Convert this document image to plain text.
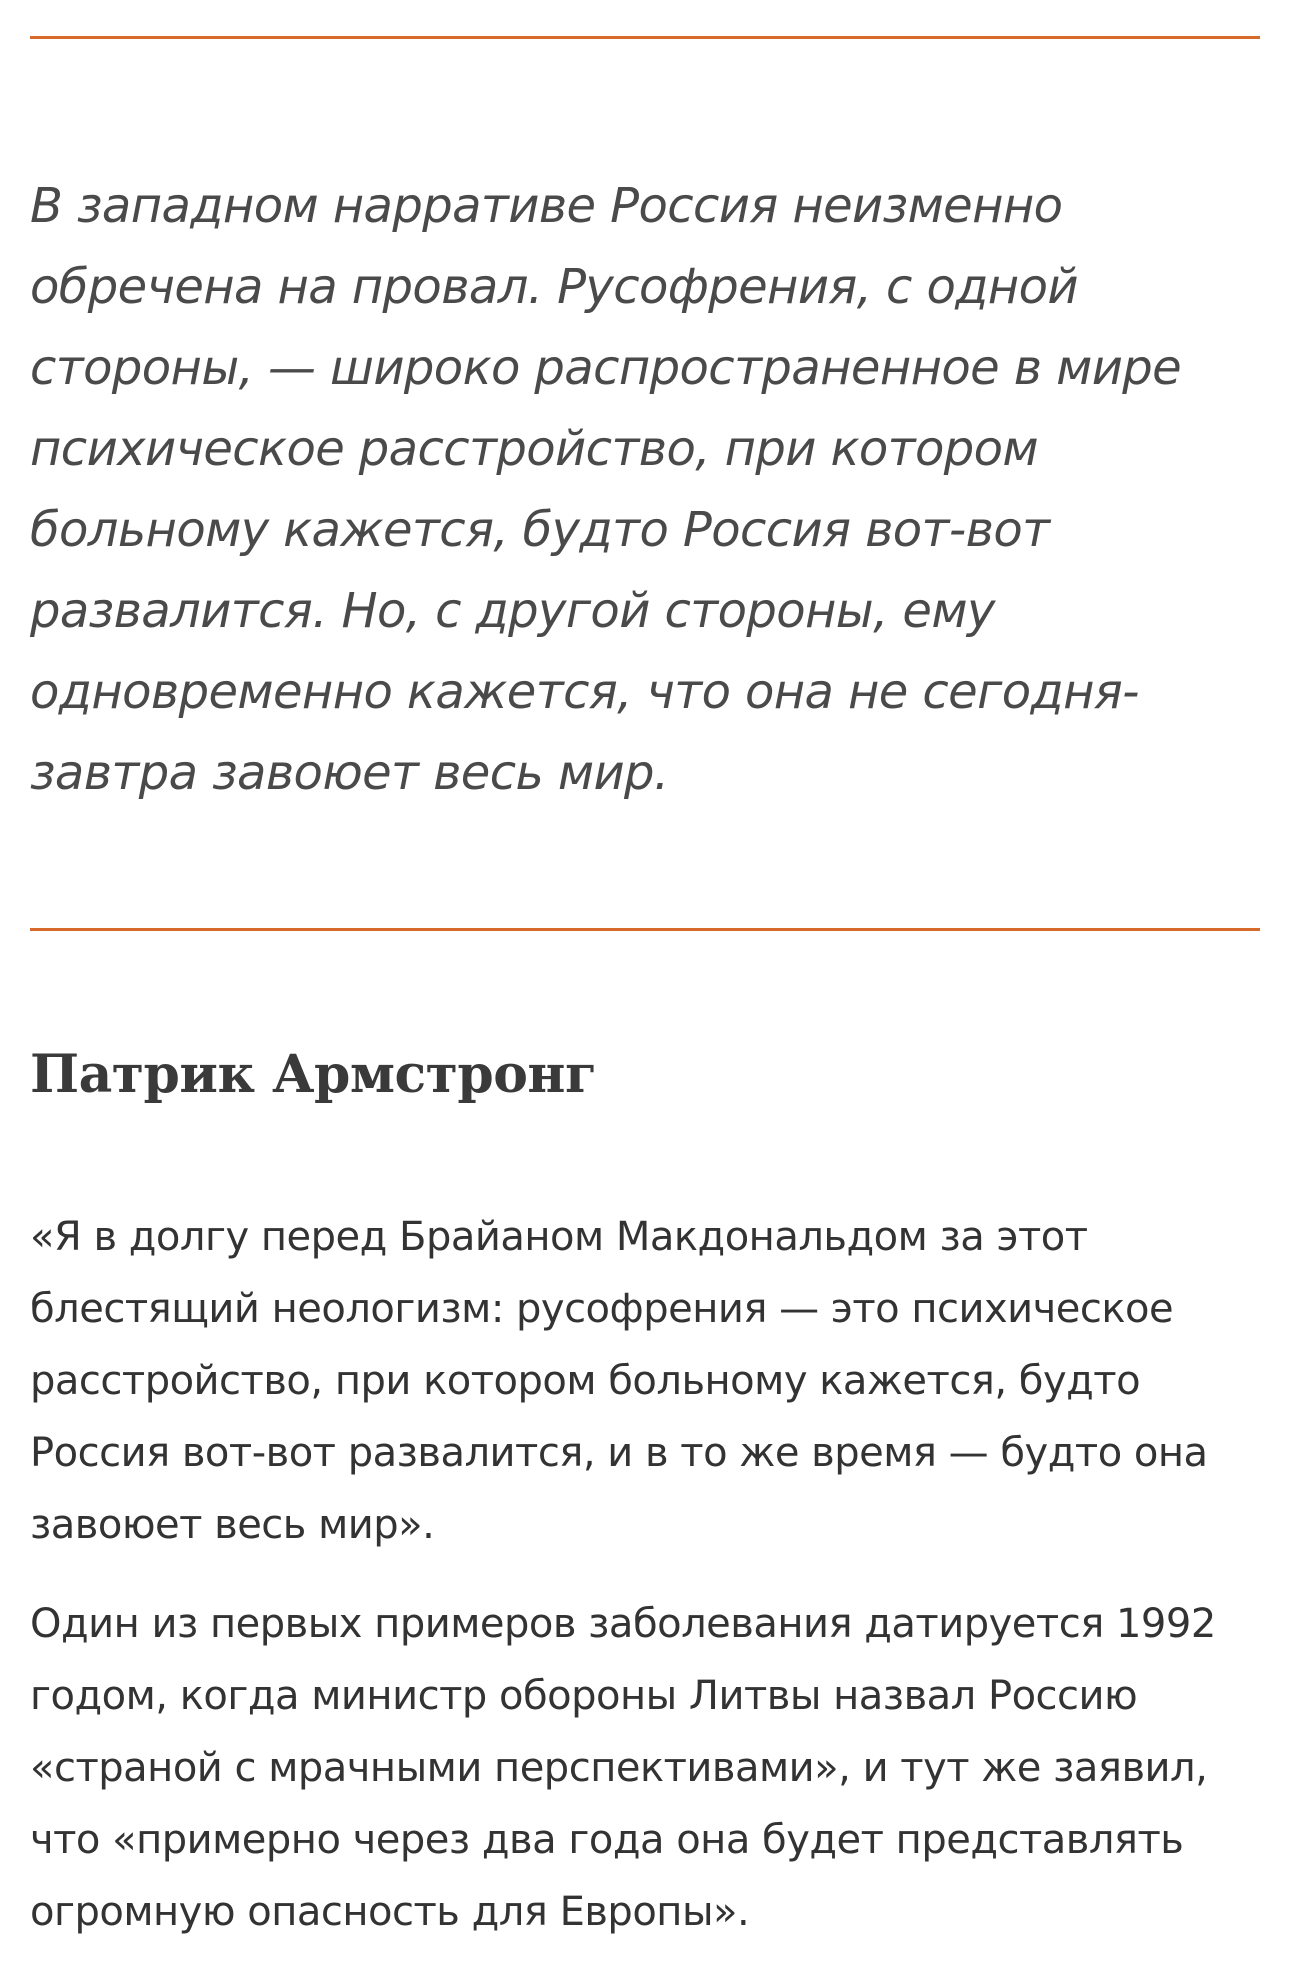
В западном нарративе Россия неизменно обречена на провал. Русофрения, с одной стороны, — широко распространенное в мире психическое расстройство, при котором больному кажется, будто Россия вот-вот развалится. Но, с другой стороны, ему одновременно кажется, что она не сегодня-завтра завоюет весь мир.

Патрик Армстронг

«Я в долгу перед Брайаном Макдональдом за этот блестящий неологизм: русофрения — это психическое расстройство, при котором больному кажется, будто Россия вот-вот развалится, и в то же время — будто она завоюет весь мир».

Один из первых примеров заболевания датируется 1992 годом, когда министр обороны Литвы назвал Россию «страной с мрачными перспективами», и тут же заявил, что «примерно через два года она будет представлять огромную опасность для Европы».
